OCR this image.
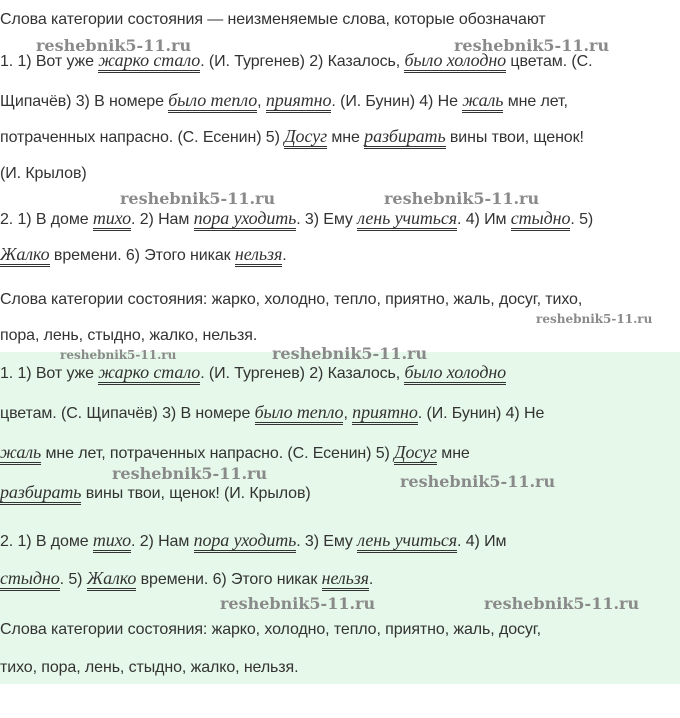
Слова категории состояния — неизменяемые слова, которые обозначают
1. 1) Вот уже жарко стало. (И. Тургенев) 2) Казалось, было холодно цветам. (С.
Щипачёв) 3) В номере было тепло, приятно. (И. Бунин) 4) Не жаль мне лет,
потраченных напрасно. (С. Есенин) 5) Досуг мне разбирать вины твои, щенок!
(И. Крылов)
2. 1) В доме тихо. 2) Нам пора уходить. 3) Ему лень учиться. 4) Им стыдно. 5)
Жалко времени. 6) Этого никак нельзя.
Слова категории состояния: жарко, холодно, тепло, приятно, жаль, досуг, тихо,
пора, лень, стыдно, жалко, нельзя.
1. 1) Вот уже жарко стало. (И. Тургенев) 2) Казалось, было холодно
цветам. (С. Щипачёв) 3) В номере было тепло, приятно. (И. Бунин) 4) Не
жаль мне лет, потраченных напрасно. (С. Есенин) 5) Досуг мне
разбирать вины твои, щенок! (И. Крылов)
2. 1) В доме тихо. 2) Нам пора уходить. 3) Ему лень учиться. 4) Им
стыдно. 5) Жалко времени. 6) Этого никак нельзя.
Слова категории состояния: жарко, холодно, тепло, приятно, жаль, досуг,
тихо, пора, лень, стыдно, жалко, нельзя.
reshebnik5-11.ru	reshebnik5-11.ru
reshebnik5-11.ru	reshebnik5-11.ru
reshebnik5-11.ru
reshebnik5-11.ru	reshebnik5-11.ru
reshebnik5-11.ru	reshebnik5-11.ru
reshebnik5-11.ru	reshebnik5-11.ru
